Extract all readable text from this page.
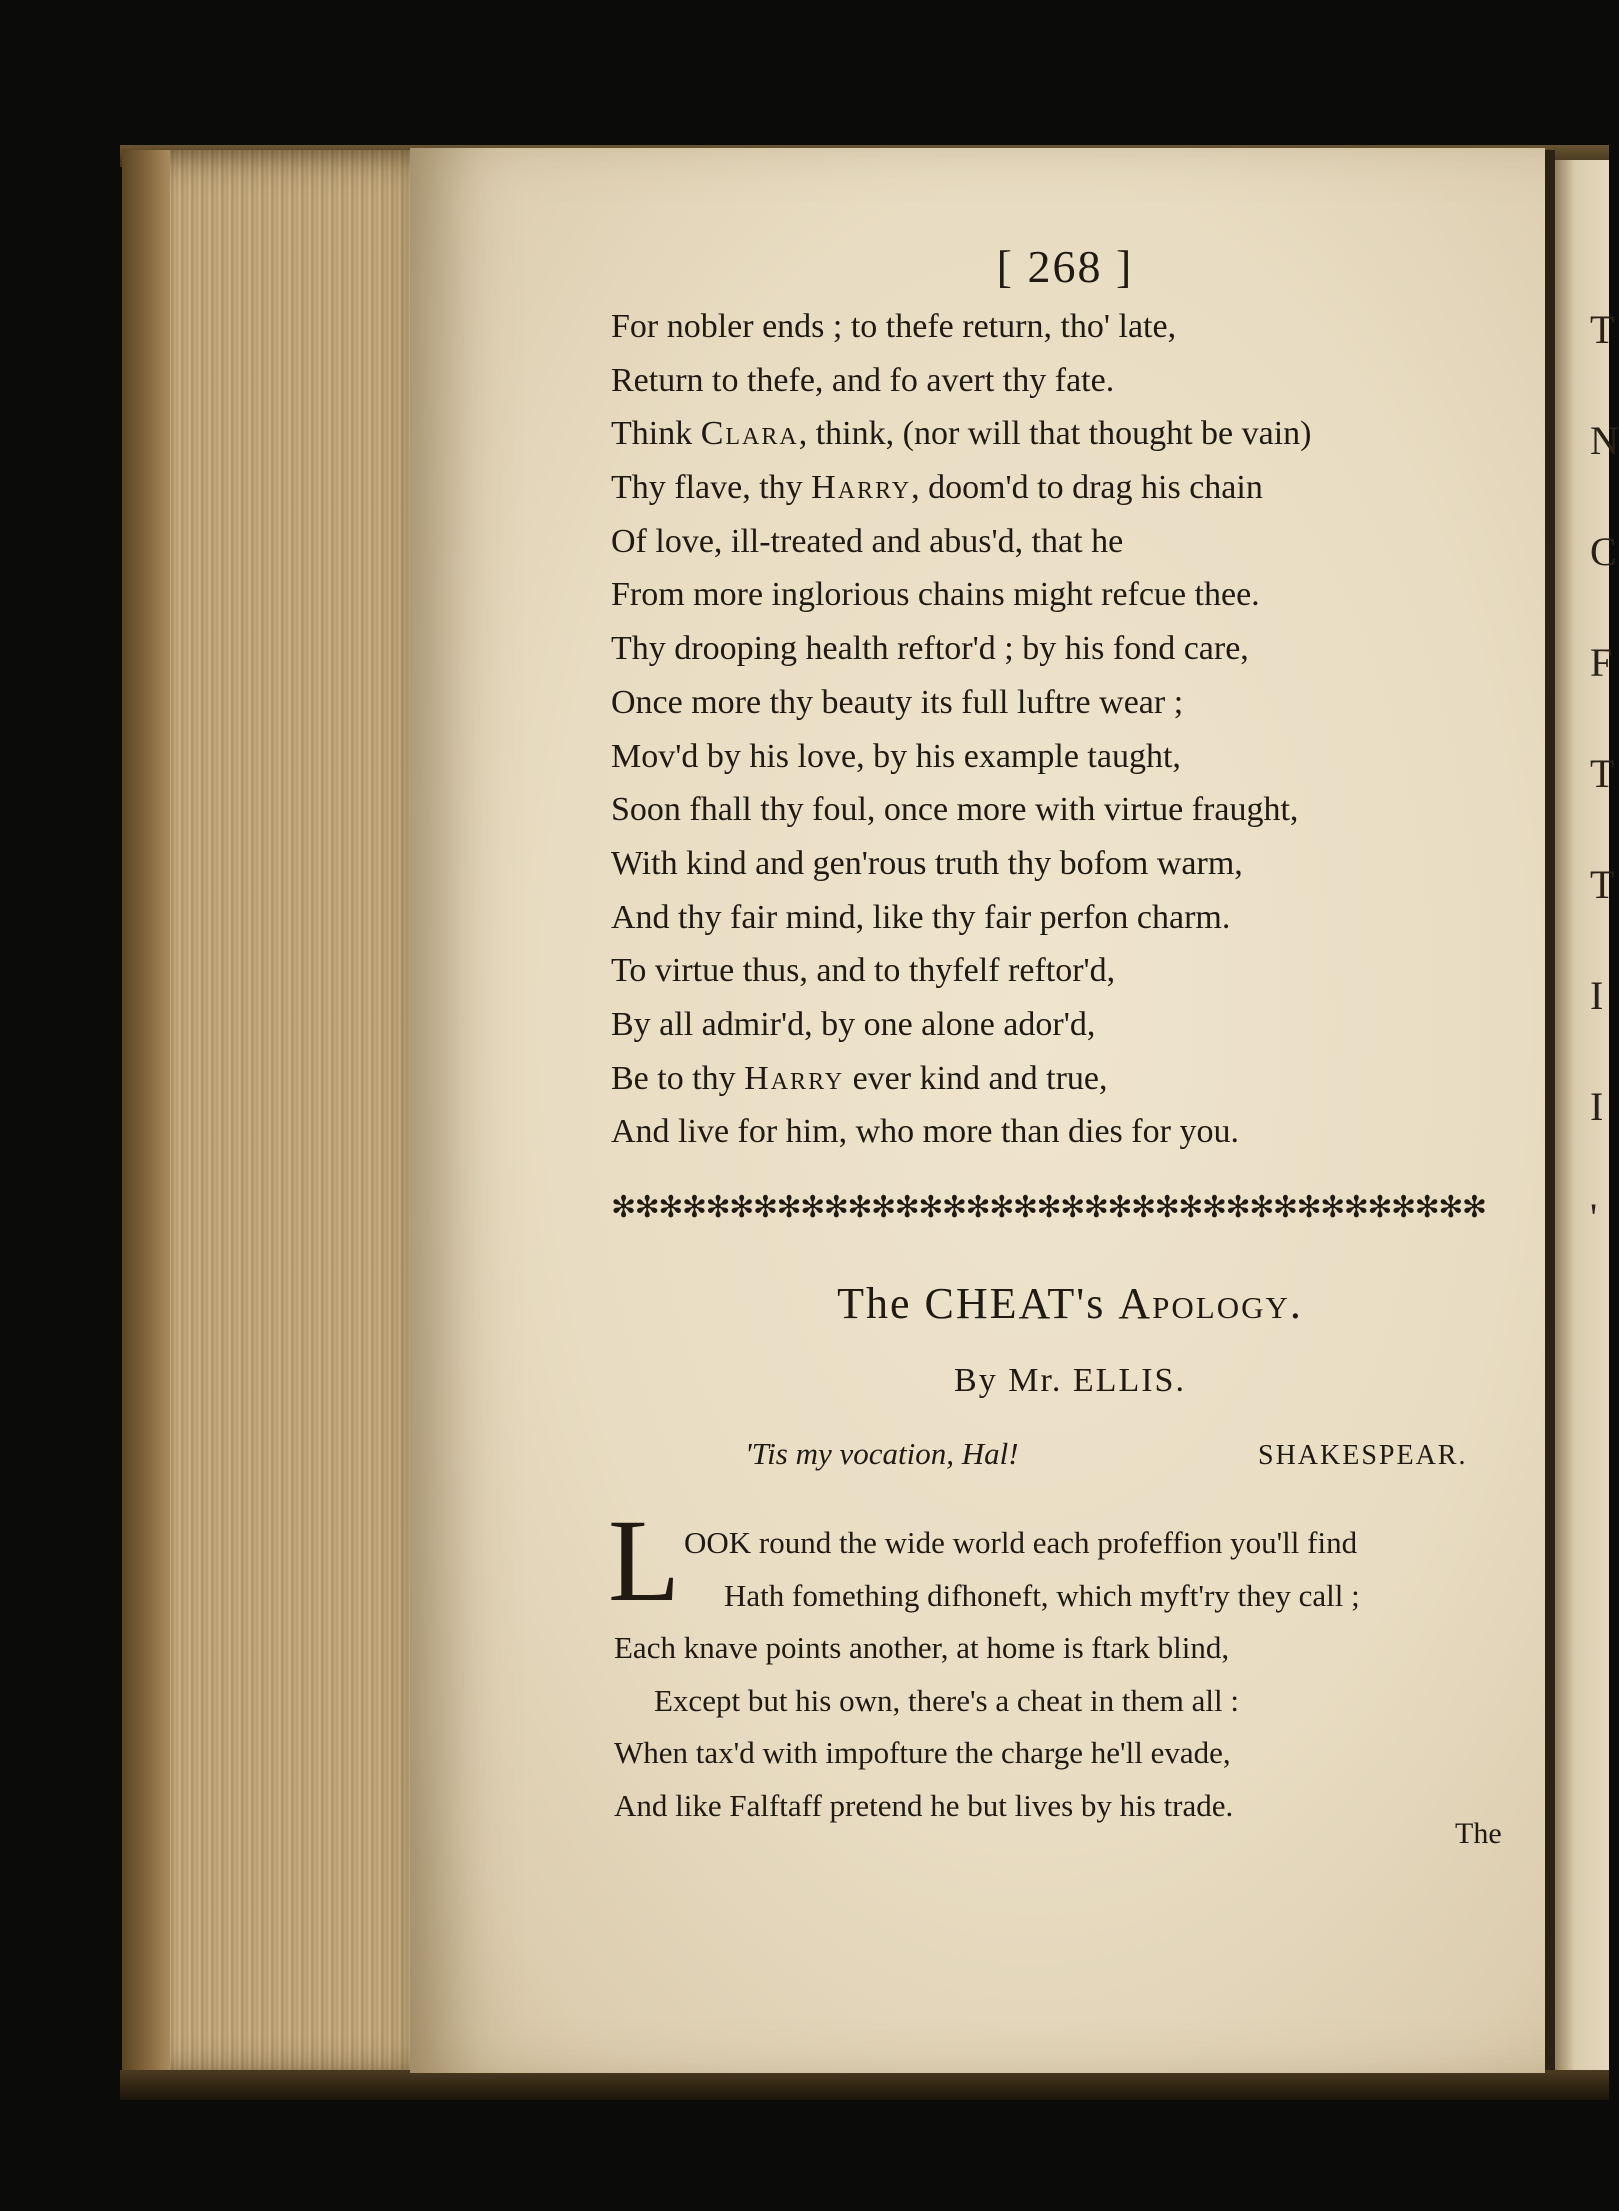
T
N
C
F
T
T
I
I
'
[ 268 ]
For nobler ends ; to thefe return, tho' late,
Return to thefe, and fo avert thy fate.
Think Clara, think, (nor will that thought be vain)
Thy flave, thy Harry, doom'd to drag his chain
Of love, ill-treated and abus'd, that he
From more inglorious chains might refcue thee.
Thy drooping health reftor'd ; by his fond care,
Once more thy beauty its full luftre wear ;
Mov'd by his love, by his example taught,
Soon fhall thy foul, once more with virtue fraught,
With kind and gen'rous truth thy bofom warm,
And thy fair mind, like thy fair perfon charm.
To virtue thus, and to thyfelf reftor'd,
By all admir'd, by one alone ador'd,
Be to thy Harry ever kind and true,
And live for him, who more than dies for you.
✻✻✻✻✻✻✻✻✻✻✻✻✻✻✻✻✻✻✻✻✻✻✻✻✻✻✻✻✻✻✻✻✻✻✻✻✻
The CHEAT's Apology.
By Mr. ELLIS.
'Tis my vocation, Hal!	SHAKESPEAR.
L OOK round the wide world each profeffion you'll find
Hath fomething difhoneft, which myft'ry they call ;
Each knave points another, at home is ftark blind,
Except but his own, there's a cheat in them all :
When tax'd with impofture the charge he'll evade,
And like Falftaff pretend he but lives by his trade.
The
